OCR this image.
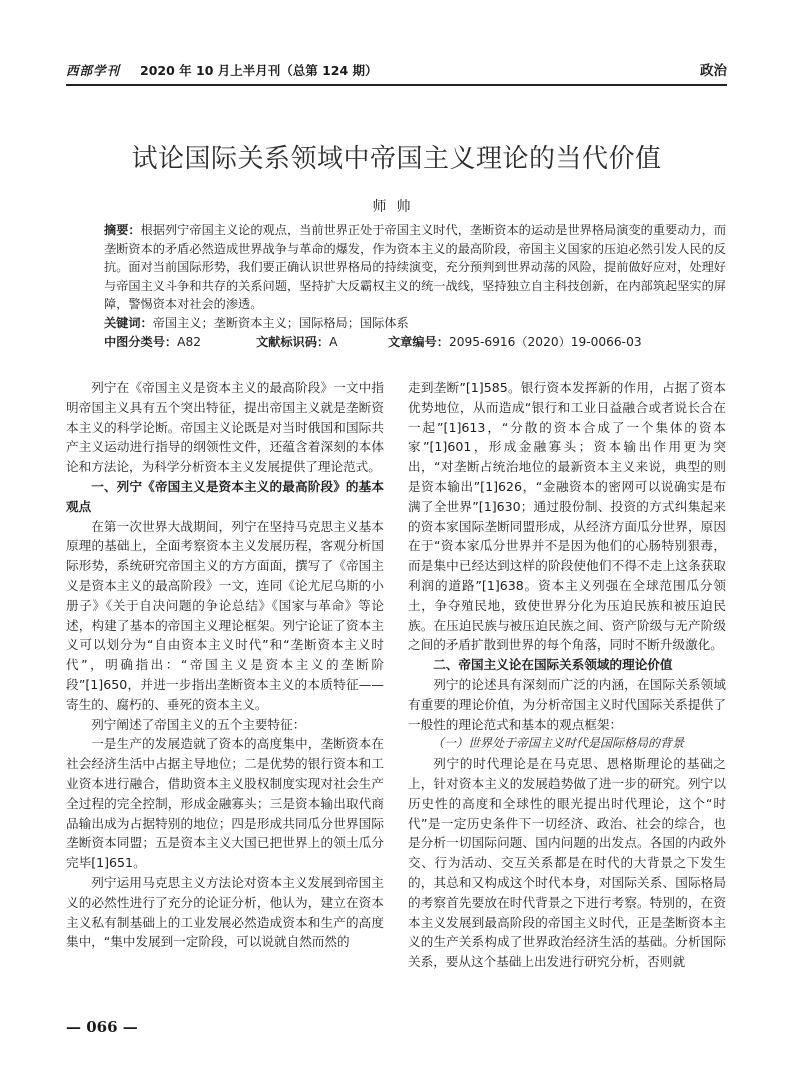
西部学刊 2020 年 10 月上半月刊（总第 124 期）	政治
试论国际关系领域中帝国主义理论的当代价值
师帅
摘要：根据列宁帝国主义论的观点，当前世界正处于帝国主义时代，垄断资本的运动是世界格局演变的重要动力，而垄断资本的矛盾必然造成世界战争与革命的爆发，作为资本主义的最高阶段，帝国主义国家的压迫必然引发人民的反抗。面对当前国际形势，我们要正确认识世界格局的持续演变，充分预判到世界动荡的风险，提前做好应对，处理好与帝国主义斗争和共存的关系问题，坚持扩大反霸权主义的统一战线，坚持独立自主科技创新，在内部筑起坚实的屏障，警惕资本对社会的渗透。
关键词：帝国主义；垄断资本主义；国际格局；国际体系
中图分类号：A82	文献标识码：A	文章编号：2095-6916（2020）19-0066-03

列宁在《帝国主义是资本主义的最高阶段》一文中指明帝国主义具有五个突出特征，提出帝国主义就是垄断资本主义的科学论断。帝国主义论既是对当时俄国和国际共产主义运动进行指导的纲领性文件，还蕴含着深刻的本体论和方法论，为科学分析资本主义发展提供了理论范式。

一、列宁《帝国主义是资本主义的最高阶段》的基本观点

在第一次世界大战期间，列宁在坚持马克思主义基本原理的基础上，全面考察资本主义发展历程，客观分析国际形势，系统研究帝国主义的方方面面，撰写了《帝国主义是资本主义的最高阶段》一文，连同《论尤尼乌斯的小册子》《关于自决问题的争论总结》《国家与革命》等论述，构建了基本的帝国主义理论框架。列宁论证了资本主义可以划分为“自由资本主义时代”和“垄断资本主义时代”，明确指出：“帝国主义是资本主义的垄断阶段”[1]650，并进一步指出垄断资本主义的本质特征——寄生的、腐朽的、垂死的资本主义。

列宁阐述了帝国主义的五个主要特征：

一是生产的发展造就了资本的高度集中，垄断资本在社会经济生活中占据主导地位；二是优势的银行资本和工业资本进行融合，借助资本主义股权制度实现对社会生产全过程的完全控制，形成金融寡头；三是资本输出取代商品输出成为占据特别的地位；四是形成共同瓜分世界国际垄断资本同盟；五是资本主义大国已把世界上的领土瓜分完毕[1]651。

列宁运用马克思主义方法论对资本主义发展到帝国主义的必然性进行了充分的论证分析，他认为，建立在资本主义私有制基础上的工业发展必然造成资本和生产的高度集中，“集中发展到一定阶段，可以说就自然而然的

走到垄断”[1]585。银行资本发挥新的作用，占据了资本优势地位，从而造成“银行和工业日益融合或者说长合在一起”[1]613，“分散的资本合成了一个集体的资本家”[1]601，形成金融寡头；资本输出作用更为突出，“对垄断占统治地位的最新资本主义来说，典型的则是资本输出”[1]626，“金融资本的密网可以说确实是布满了全世界”[1]630；通过股份制、投资的方式纠集起来的资本家国际垄断同盟形成，从经济方面瓜分世界，原因在于“资本家瓜分世界并不是因为他们的心肠特别狠毒，而是集中已经达到这样的阶段使他们不得不走上这条获取利润的道路”[1]638。资本主义列强在全球范围瓜分领土，争夺殖民地，致使世界分化为压迫民族和被压迫民族。在压迫民族与被压迫民族之间、资产阶级与无产阶级之间的矛盾扩散到世界的每个角落，同时不断升级激化。

二、帝国主义论在国际关系领域的理论价值

列宁的论述具有深刻而广泛的内涵，在国际关系领域有重要的理论价值，为分析帝国主义时代国际关系提供了一般性的理论范式和基本的观点框架：

（一）世界处于帝国主义时代是国际格局的背景

列宁的时代理论是在马克思、恩格斯理论的基础之上，针对资本主义的发展趋势做了进一步的研究。列宁以历史性的高度和全球性的眼光提出时代理论，这个“时代”是一定历史条件下一切经济、政治、社会的综合，也是分析一切国际问题、国内问题的出发点。各国的内政外交、行为活动、交互关系都是在时代的大背景之下发生的，其总和又构成这个时代本身，对国际关系、国际格局的考察首先要放在时代背景之下进行考察。特别的，在资本主义发展到最高阶段的帝国主义时代，正是垄断资本主义的生产关系构成了世界政治经济生活的基础。分析国际关系，要从这个基础上出发进行研究分析，否则就

— 066 —
